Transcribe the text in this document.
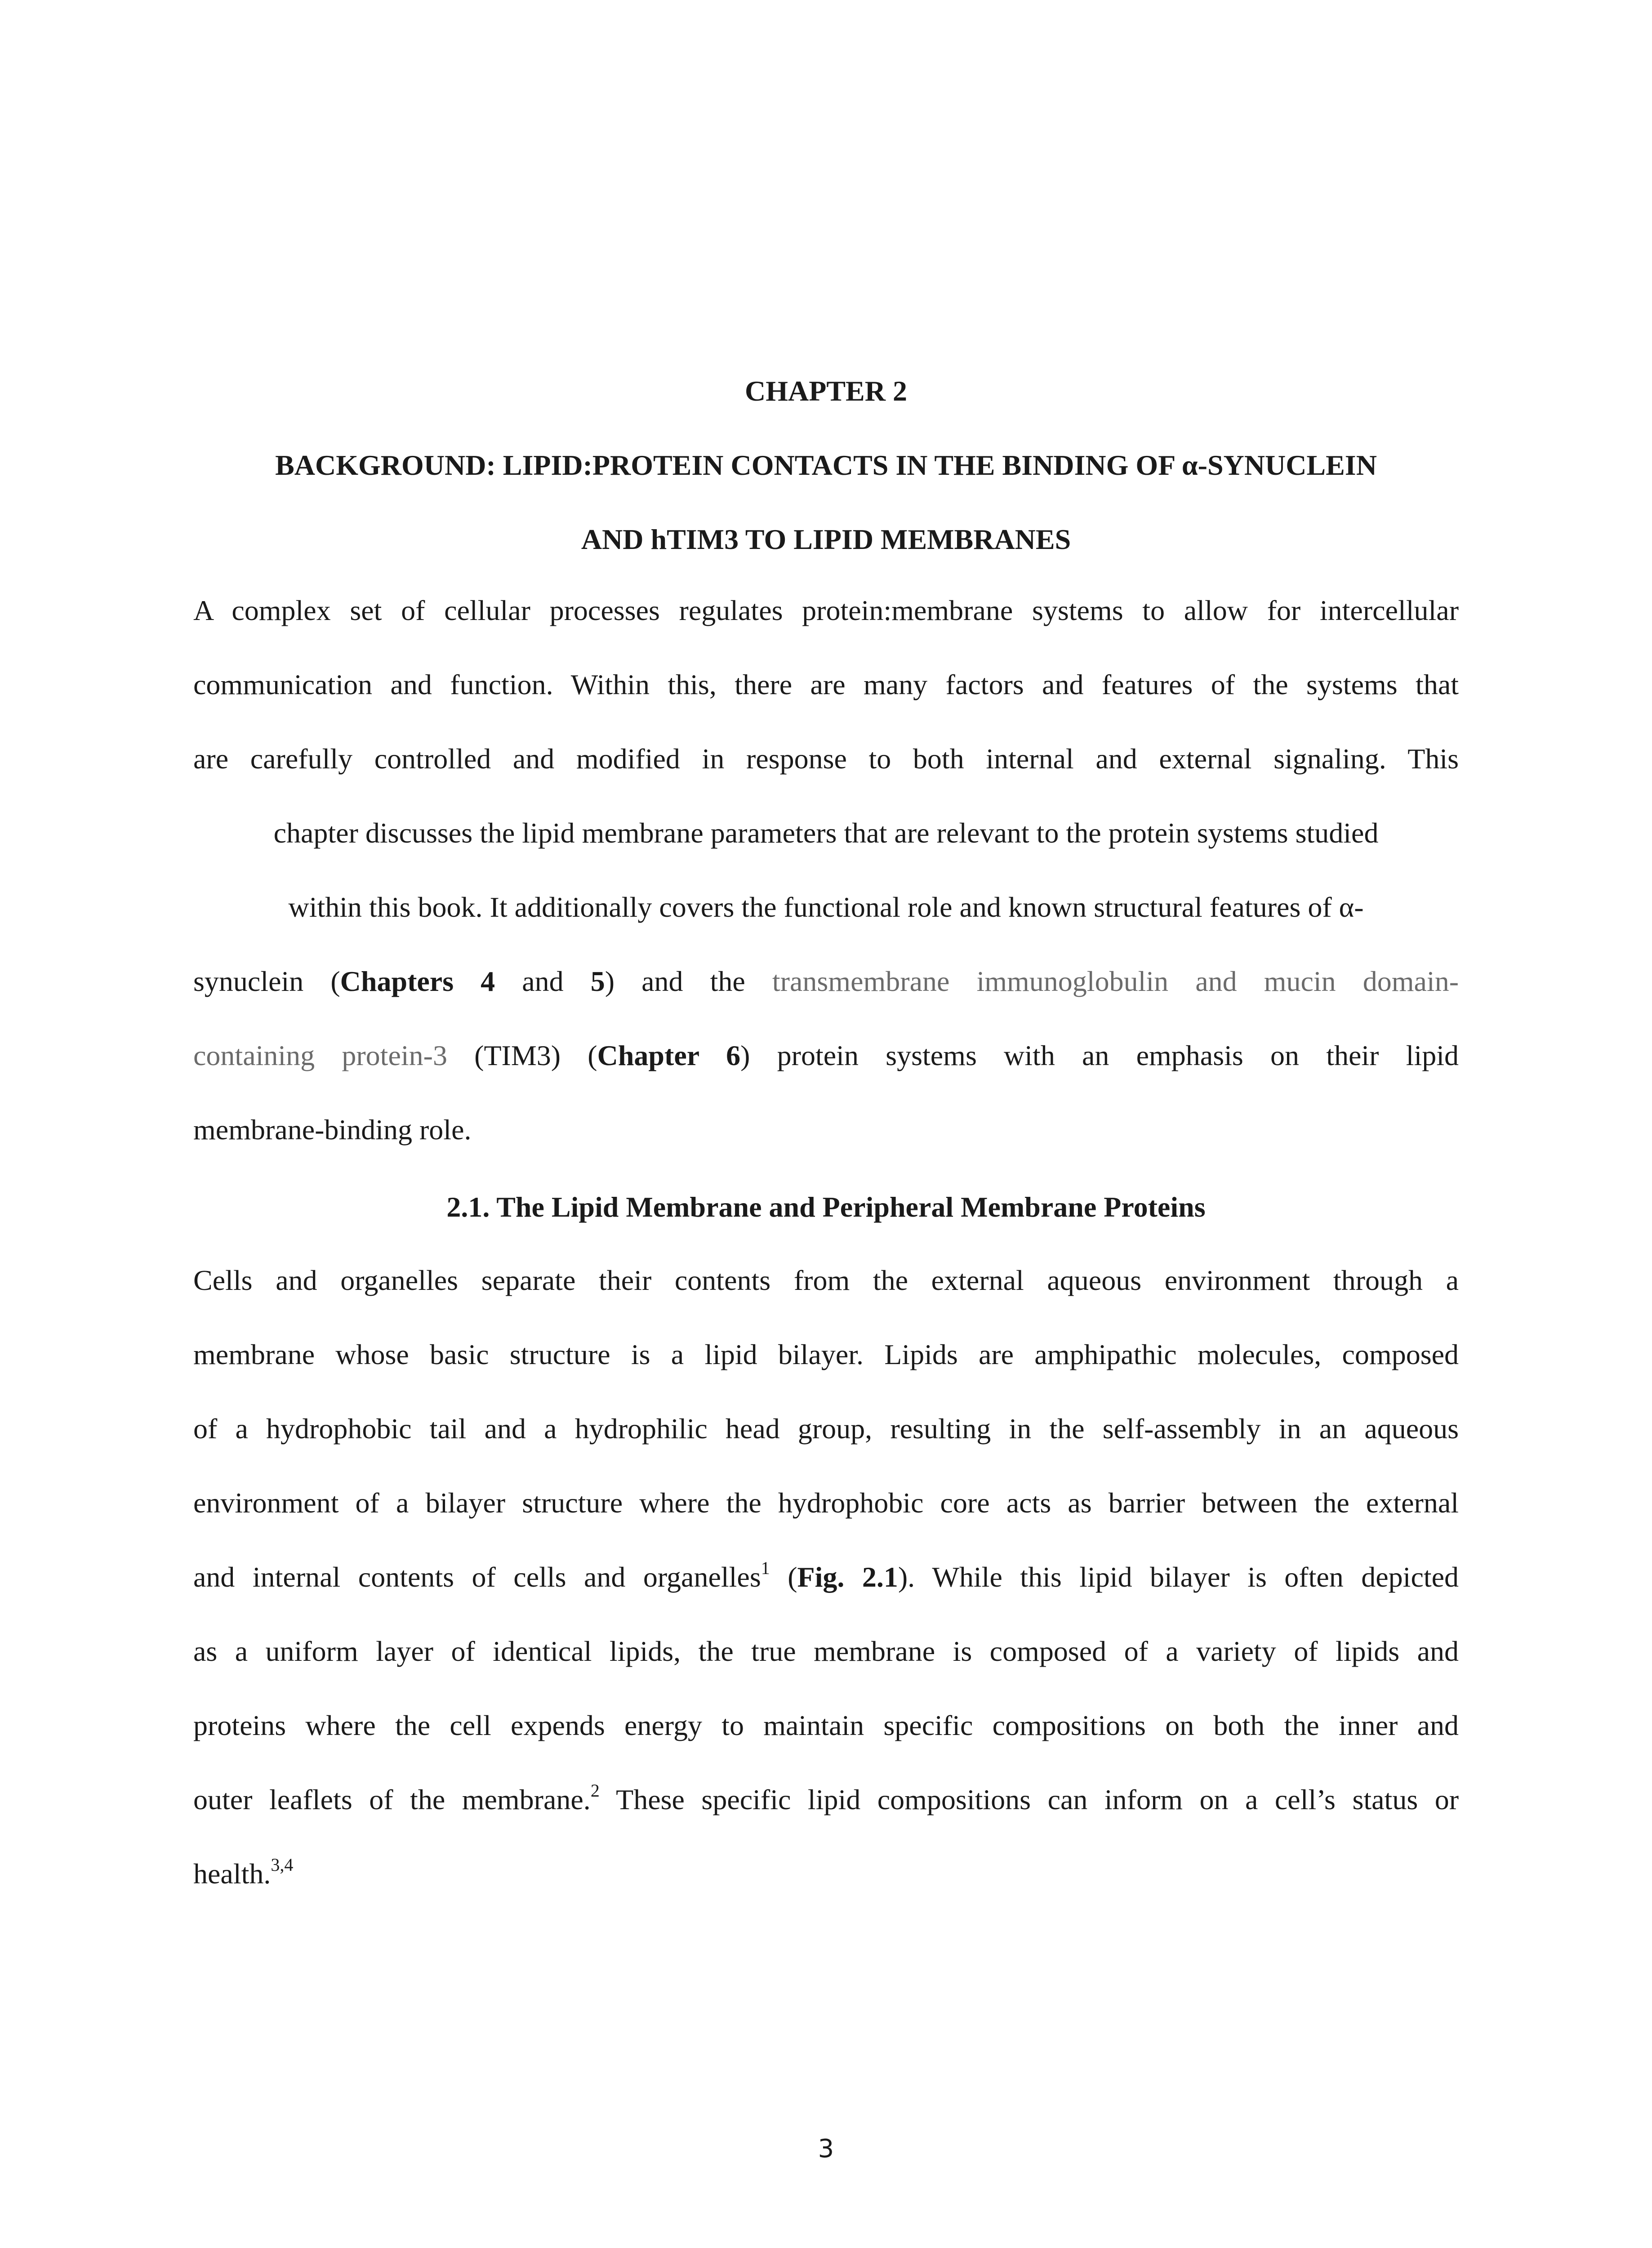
CHAPTER 2
BACKGROUND: LIPID:PROTEIN CONTACTS IN THE BINDING OF α-SYNUCLEIN
AND hTIM3 TO LIPID MEMBRANES
A complex set of cellular processes regulates protein:membrane systems to allow for intercellular
communication and function. Within this, there are many factors and features of the systems that
are carefully controlled and modified in response to both internal and external signaling. This
chapter discusses the lipid membrane parameters that are relevant to the protein systems studied
within this book. It additionally covers the functional role and known structural features of α-
synuclein (Chapters 4 and 5) and the transmembrane immunoglobulin and mucin domain-
containing protein-3 (TIM3) (Chapter 6) protein systems with an emphasis on their lipid
membrane-binding role.
2.1. The Lipid Membrane and Peripheral Membrane Proteins
Cells and organelles separate their contents from the external aqueous environment through a
membrane whose basic structure is a lipid bilayer. Lipids are amphipathic molecules, composed
of a hydrophobic tail and a hydrophilic head group, resulting in the self-assembly in an aqueous
environment of a bilayer structure where the hydrophobic core acts as barrier between the external
and internal contents of cells and organelles$^1$ (Fig. 2.1). While this lipid bilayer is often depicted
as a uniform layer of identical lipids, the true membrane is composed of a variety of lipids and
proteins where the cell expends energy to maintain specific compositions on both the inner and
outer leaflets of the membrane.$^2$ These specific lipid compositions can inform on a cell’s status or
health.$^{3,4}$
3
